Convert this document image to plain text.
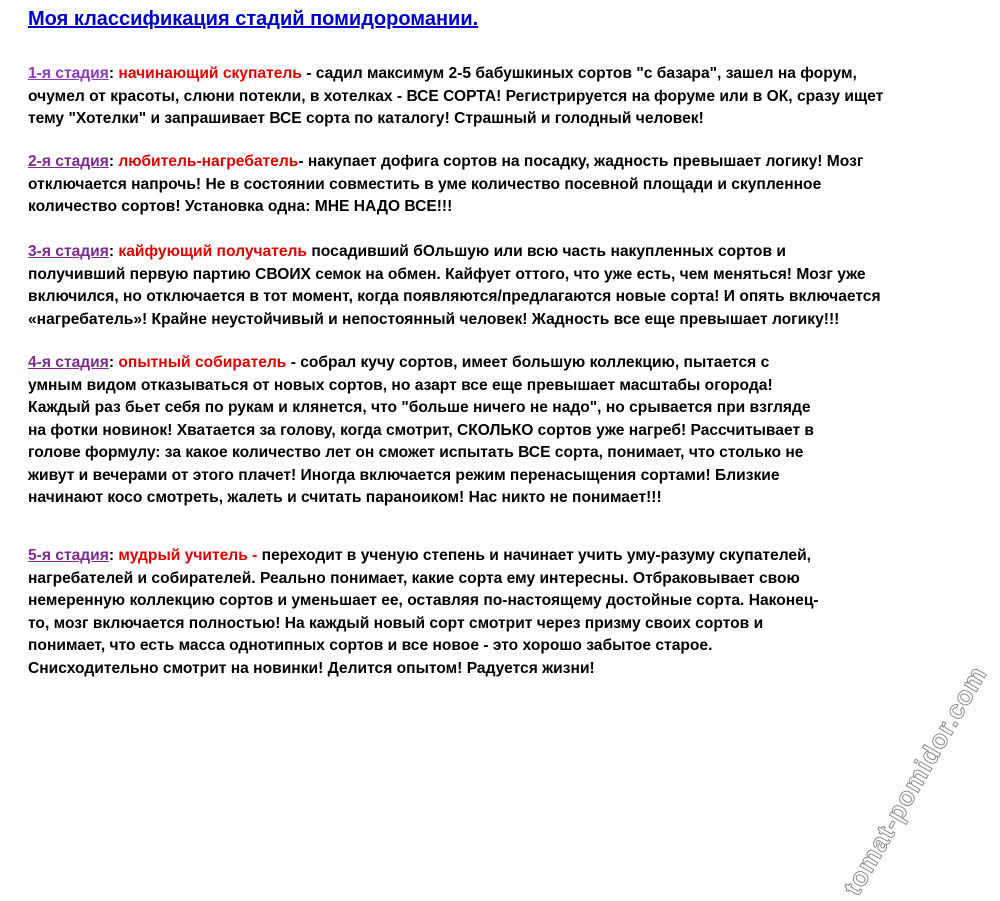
Моя классификация стадий помидоромании.
1-я стадия: начинающий скупатель - садил максимум 2-5 бабушкиных сортов "с базара", зашел на форум,
очумел от красоты, слюни потекли, в хотелках - ВСЕ СОРТА! Регистрируется на форуме или в ОК, сразу ищет
тему "Хотелки" и запрашивает ВСЕ сорта по каталогу! Страшный и голодный человек!
2-я стадия: любитель-нагребатель- накупает дофига сортов на посадку, жадность превышает логику! Мозг
отключается напрочь! Не в состоянии совместить в уме количество посевной площади и скупленное
количество сортов! Установка одна: МНЕ НАДО ВСЕ!!!
3-я стадия: кайфующий получатель посадивший бОльшую или всю часть накупленных сортов и
получивший первую партию СВОИХ семок на обмен. Кайфует оттого, что уже есть, чем меняться! Мозг уже
включился, но отключается в тот момент, когда появляются/предлагаются новые сорта! И опять включается
«нагребатель»! Крайне неустойчивый и непостоянный человек! Жадность все еще превышает логику!!!
4-я стадия: опытный собиратель - собрал кучу сортов, имеет большую коллекцию, пытается с
умным видом отказываться от новых сортов, но азарт все еще превышает масштабы огорода!
Каждый раз бьет себя по рукам и клянется, что "больше ничего не надо", но срывается при взгляде
на фотки новинок! Хватается за голову, когда смотрит, СКОЛЬКО сортов уже нагреб! Рассчитывает в
голове формулу: за какое количество лет он сможет испытать ВСЕ сорта, понимает, что столько не
живут и вечерами от этого плачет! Иногда включается режим перенасыщения сортами! Близкие
начинают косо смотреть, жалеть и считать параноиком! Нас никто не понимает!!!
5-я стадия: мудрый учитель - переходит в ученую степень и начинает учить уму-разуму скупателей,
нагребателей и собирателей. Реально понимает, какие сорта ему интересны. Отбраковывает свою
немеренную коллекцию сортов и уменьшает ее, оставляя по-настоящему достойные сорта. Наконец-
то, мозг включается полностью! На каждый новый сорт смотрит через призму своих сортов и
понимает, что есть масса однотипных сортов и все новое - это хорошо забытое старое.
Снисходительно смотрит на новинки! Делится опытом! Радуется жизни!	tomat-pomidor.com
